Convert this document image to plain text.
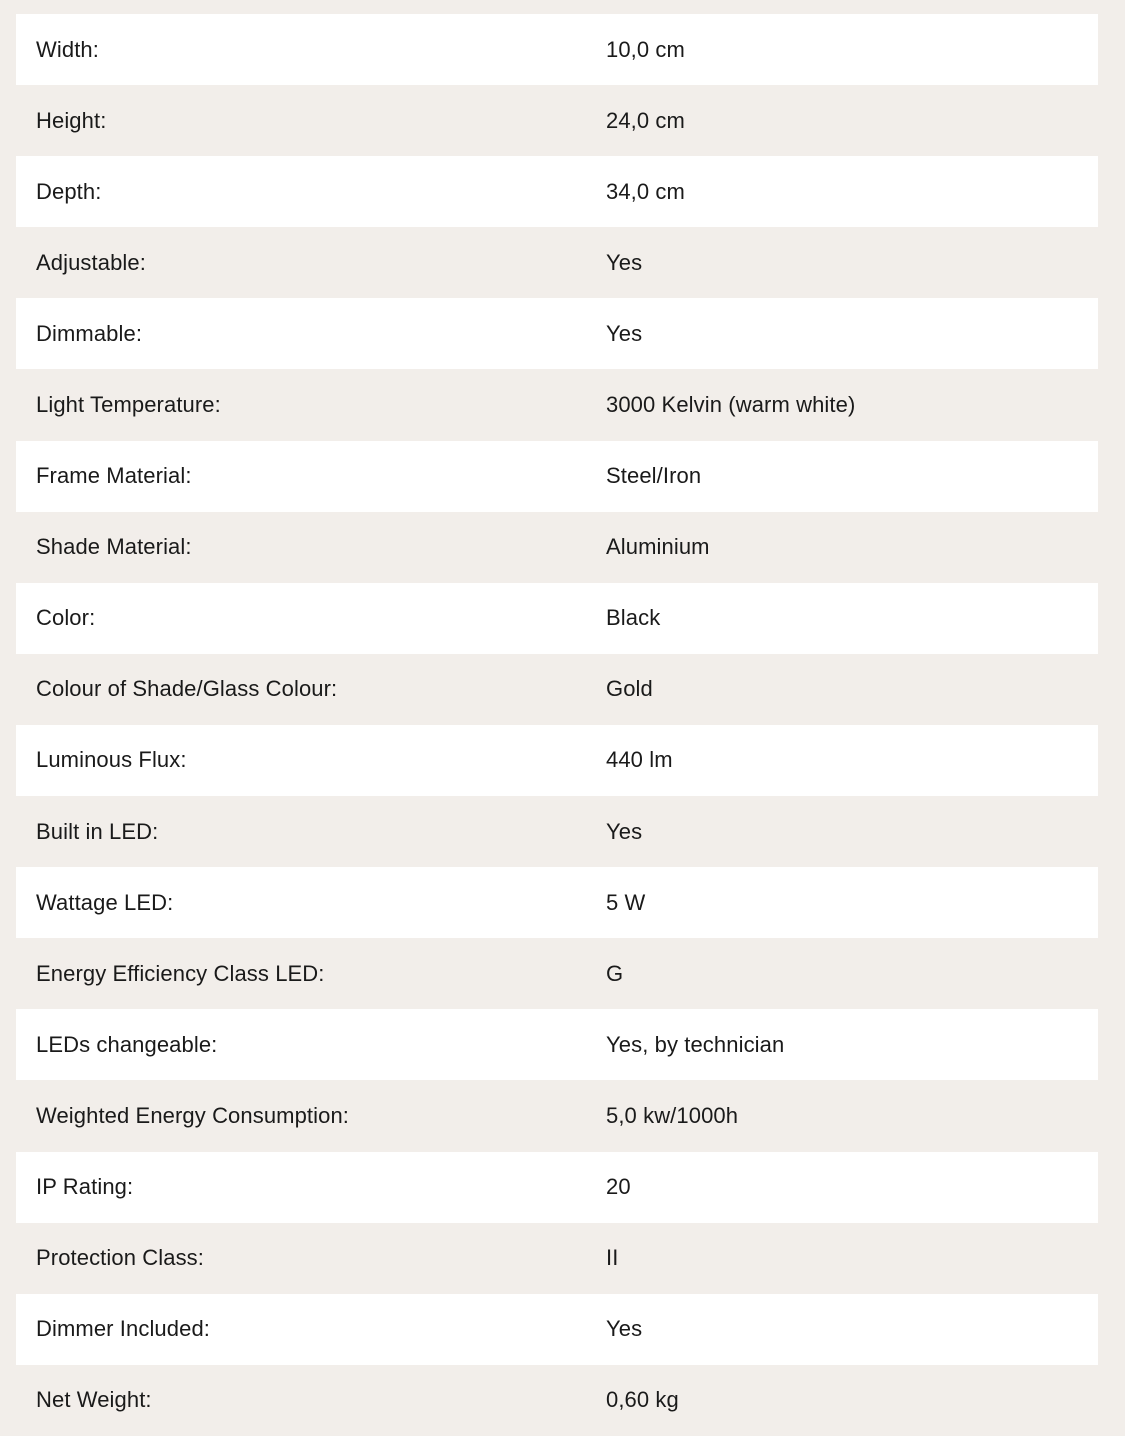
Width:	10,0 cm
Height:	24,0 cm
Depth:	34,0 cm
Adjustable:	Yes
Dimmable:	Yes
Light Temperature:	3000 Kelvin (warm white)
Frame Material:	Steel/Iron
Shade Material:	Aluminium
Color:	Black
Colour of Shade/Glass Colour:	Gold
Luminous Flux:	440 lm
Built in LED:	Yes
Wattage LED:	5 W
Energy Efficiency Class LED:	G
LEDs changeable:	Yes, by technician
Weighted Energy Consumption:	5,0 kw/1000h
IP Rating:	20
Protection Class:	II
Dimmer Included:	Yes
Net Weight:	0,60 kg
